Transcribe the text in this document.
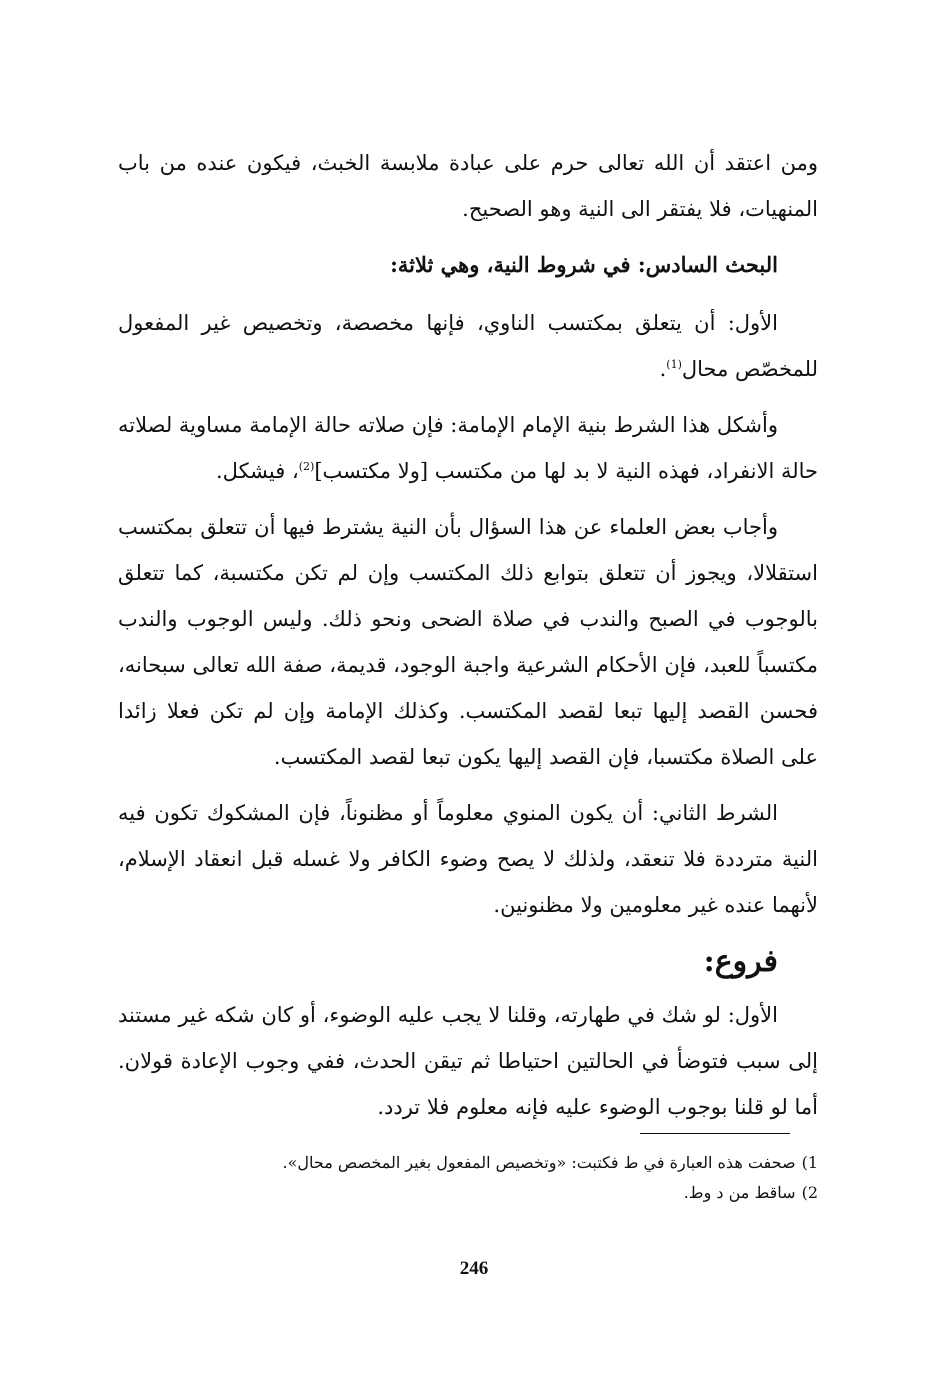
ومن اعتقد أن الله تعالى حرم على عبادة ملابسة الخبث، فيكون عنده من باب المنهيات، فلا يفتقر الى النية وهو الصحيح.

البحث السادس: في شروط النية، وهي ثلاثة:

الأول: أن يتعلق بمكتسب الناوي، فإنها مخصصة، وتخصيص غير المفعول للمخصّص محال$^{(1)}$.

وأشكل هذا الشرط بنية الإمام الإمامة: فإن صلاته حالة الإمامة مساوية لصلاته حالة الانفراد، فهذه النية لا بد لها من مكتسب [ولا مكتسب]$^{(2)}$، فيشكل.

وأجاب بعض العلماء عن هذا السؤال بأن النية يشترط فيها أن تتعلق بمكتسب استقلالا، ويجوز أن تتعلق بتوابع ذلك المكتسب وإن لم تكن مكتسبة، كما تتعلق بالوجوب في الصبح والندب في صلاة الضحى ونحو ذلك. وليس الوجوب والندب مكتسباً للعبد، فإن الأحكام الشرعية واجبة الوجود، قديمة، صفة الله تعالى سبحانه، فحسن القصد إليها تبعا لقصد المكتسب. وكذلك الإمامة وإن لم تكن فعلا زائدا على الصلاة مكتسبا، فإن القصد إليها يكون تبعا لقصد المكتسب.

الشرط الثاني: أن يكون المنوي معلوماً أو مظنوناً، فإن المشكوك تكون فيه النية مترددة فلا تنعقد، ولذلك لا يصح وضوء الكافر ولا غسله قبل انعقاد الإسلام، لأنهما عنده غير معلومين ولا مظنونين.

فروع:

الأول: لو شك في طهارته، وقلنا لا يجب عليه الوضوء، أو كان شكه غير مستند إلى سبب فتوضأ في الحالتين احتياطا ثم تيقن الحدث، ففي وجوب الإعادة قولان. أما لو قلنا بوجوب الوضوء عليه فإنه معلوم فلا تردد.

1)صحفت هذه العبارة في ط فكتبت: «وتخصيص المفعول بغير المخصص محال».

2)ساقط من د وط.

246
